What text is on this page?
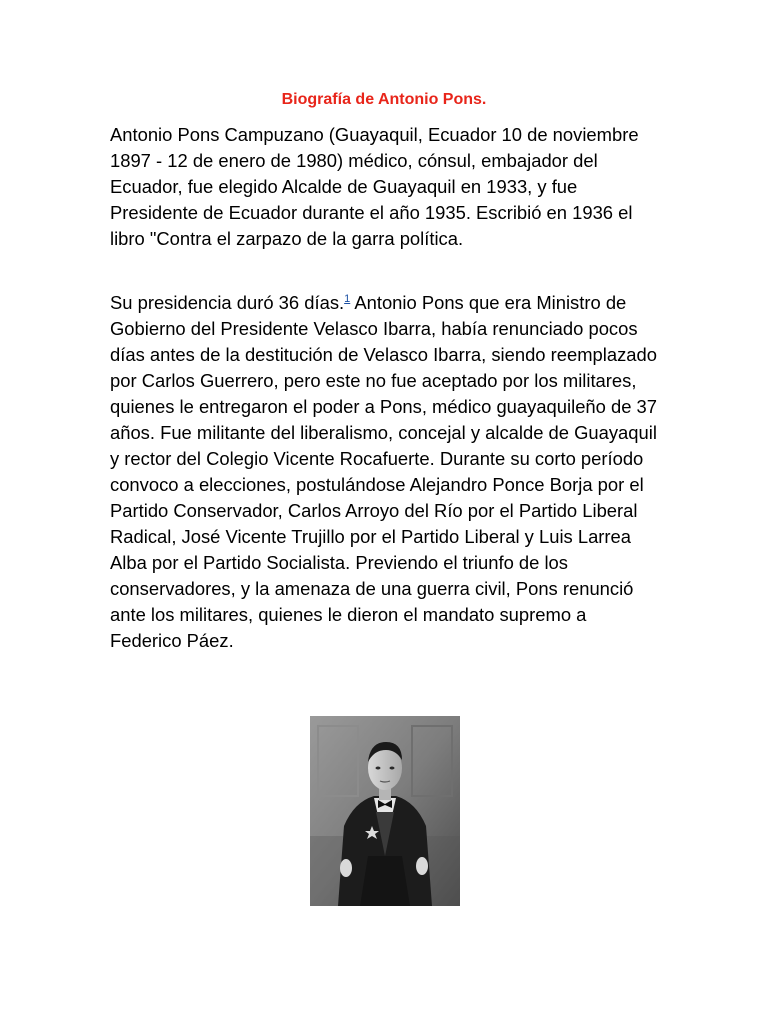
Biografía de Antonio Pons.

Antonio Pons Campuzano (Guayaquil, Ecuador 10 de noviembre 1897 - 12 de enero de 1980) médico, cónsul, embajador del Ecuador, fue elegido Alcalde de Guayaquil en 1933, y fue Presidente de Ecuador durante el año 1935. Escribió en 1936 el libro "Contra el zarpazo de la garra política.

Su presidencia duró 36 días.$^1$ Antonio Pons que era Ministro de Gobierno del Presidente Velasco Ibarra, había renunciado pocos días antes de la destitución de Velasco Ibarra, siendo reemplazado por Carlos Guerrero, pero este no fue aceptado por los militares, quienes le entregaron el poder a Pons, médico guayaquileño de 37 años. Fue militante del liberalismo, concejal y alcalde de Guayaquil y rector del Colegio Vicente Rocafuerte. Durante su corto período convoco a elecciones, postulándose Alejandro Ponce Borja por el Partido Conservador, Carlos Arroyo del Río por el Partido Liberal Radical, José Vicente Trujillo por el Partido Liberal y Luis Larrea Alba por el Partido Socialista. Previendo el triunfo de los conservadores, y la amenaza de una guerra civil, Pons renunció ante los militares, quienes le dieron el mandato supremo a Federico Páez.
